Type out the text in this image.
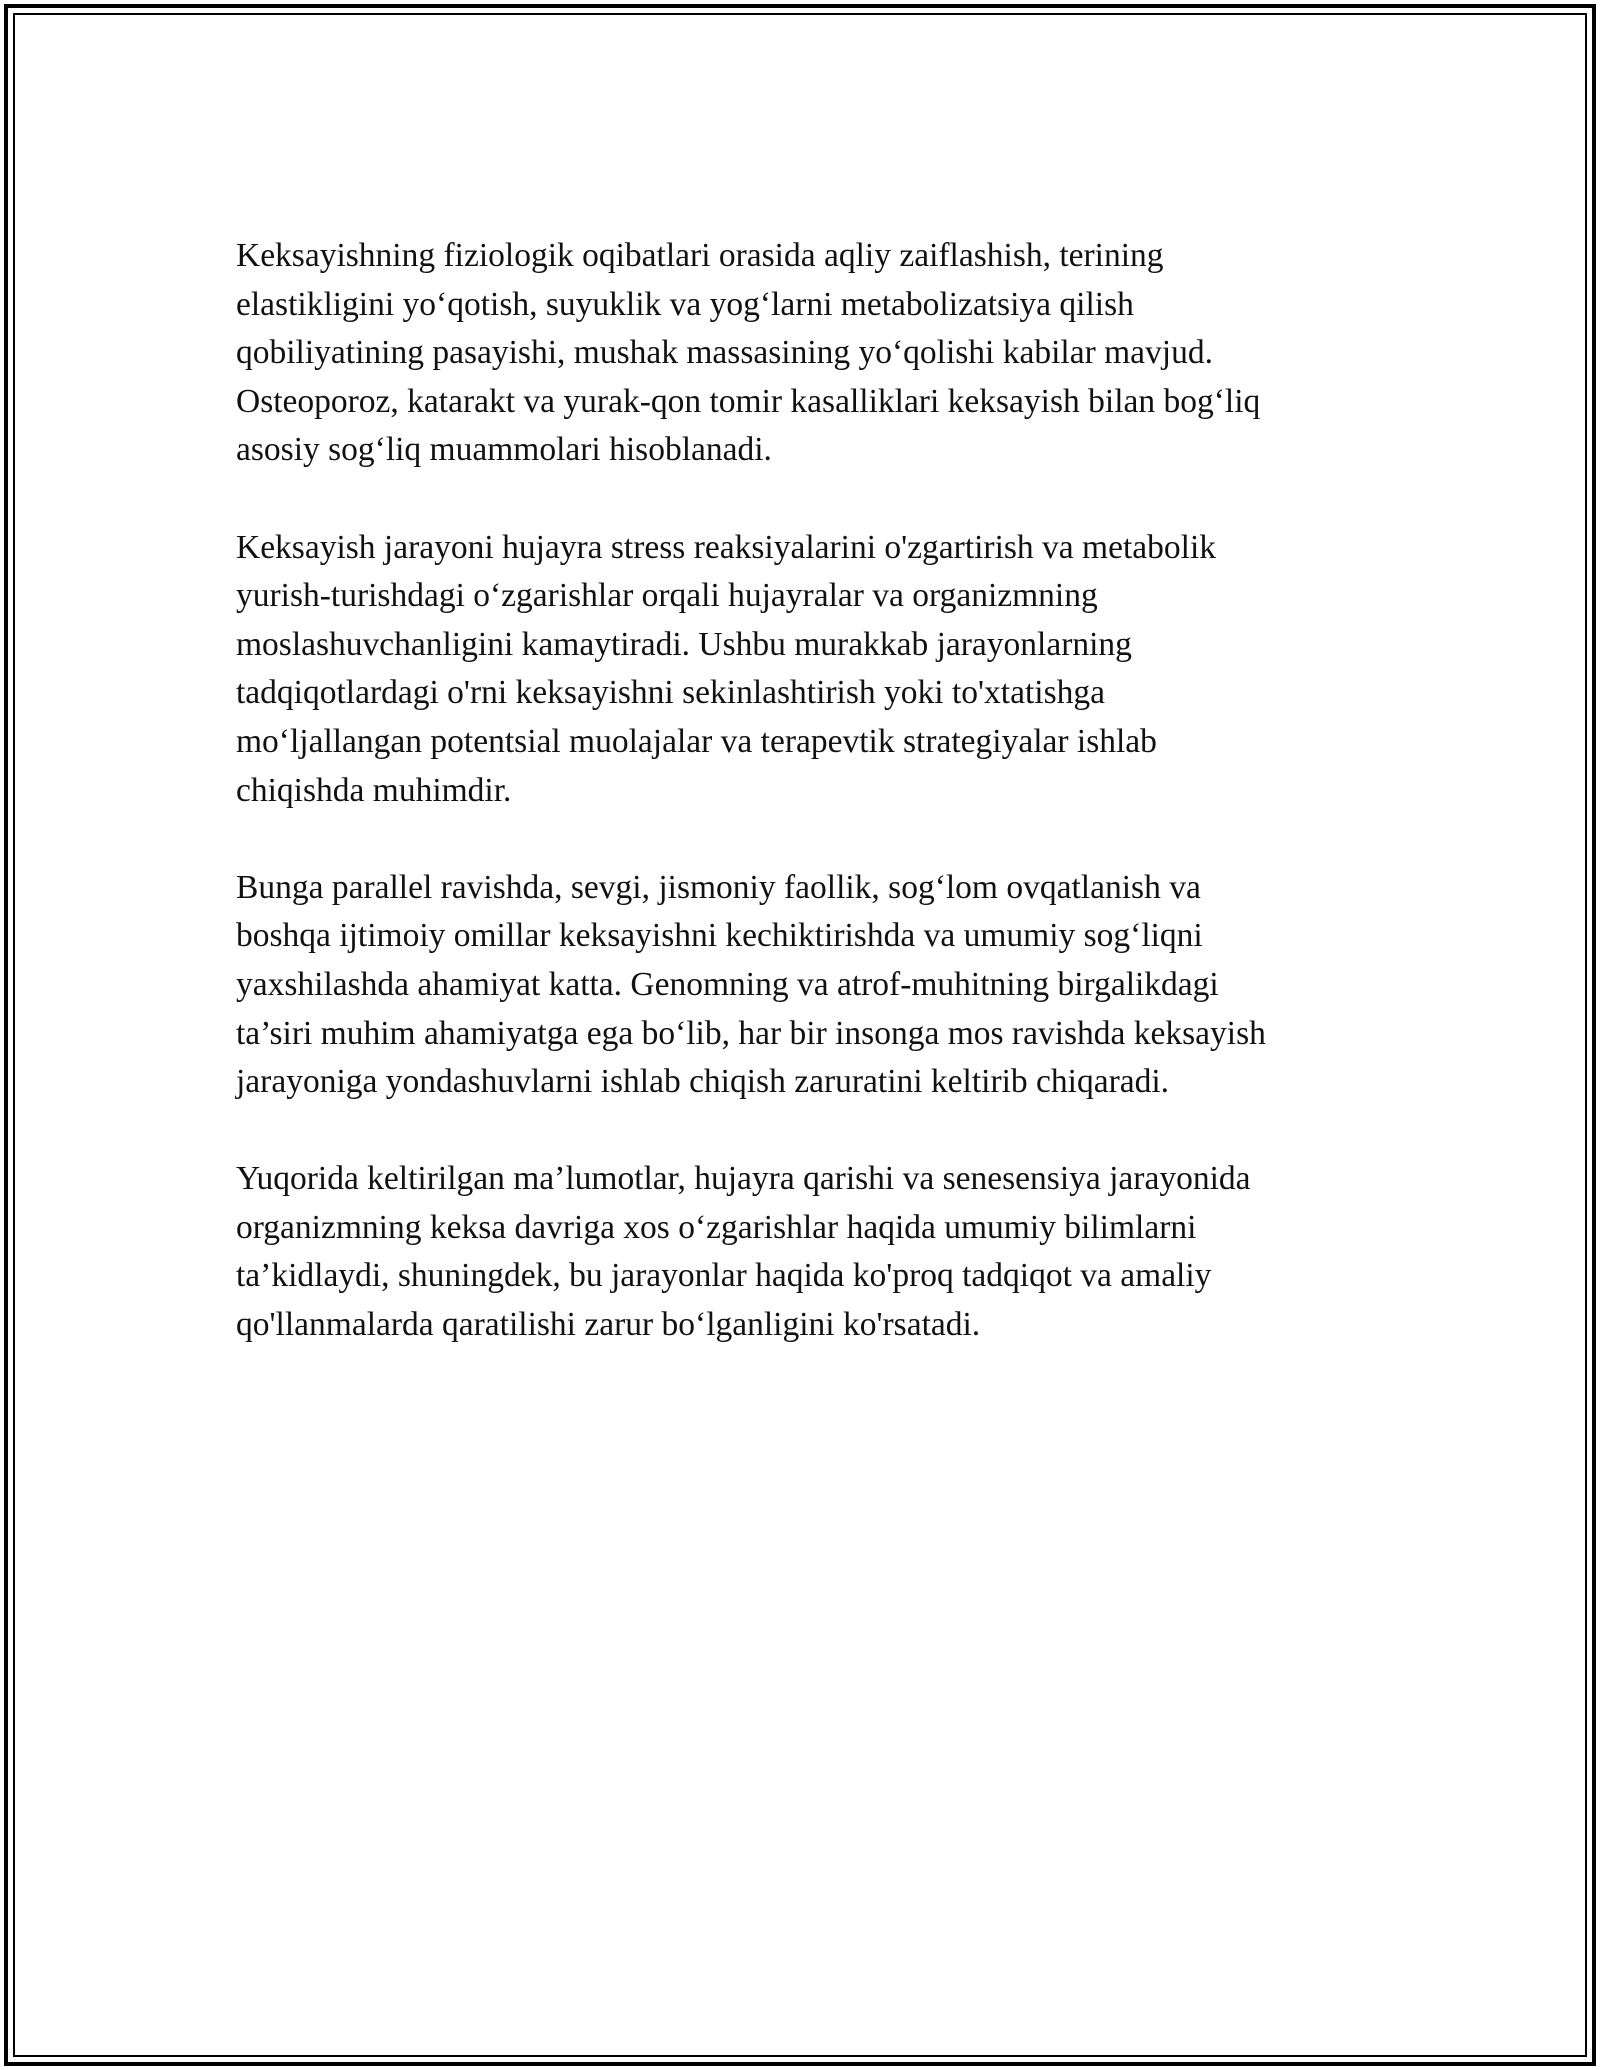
Keksayishning fiziologik oqibatlari orasida aqliy zaiflashish, terining
elastikligini yo‘qotish, suyuklik va yog‘larni metabolizatsiya qilish
qobiliyatining pasayishi, mushak massasining yo‘qolishi kabilar mavjud.
Osteoporoz, katarakt va yurak-qon tomir kasalliklari keksayish bilan bog‘liq
asosiy sog‘liq muammolari hisoblanadi.

Keksayish jarayoni hujayra stress reaksiyalarini o'zgartirish va metabolik
yurish-turishdagi o‘zgarishlar orqali hujayralar va organizmning
moslashuvchanligini kamaytiradi. Ushbu murakkab jarayonlarning
tadqiqotlardagi o'rni keksayishni sekinlashtirish yoki to'xtatishga
mo‘ljallangan potentsial muolajalar va terapevtik strategiyalar ishlab
chiqishda muhimdir.

Bunga parallel ravishda, sevgi, jismoniy faollik, sog‘lom ovqatlanish va
boshqa ijtimoiy omillar keksayishni kechiktirishda va umumiy sog‘liqni
yaxshilashda ahamiyat katta. Genomning va atrof-muhitning birgalikdagi
ta’siri muhim ahamiyatga ega bo‘lib, har bir insonga mos ravishda keksayish
jarayoniga yondashuvlarni ishlab chiqish zaruratini keltirib chiqaradi.

Yuqorida keltirilgan ma’lumotlar, hujayra qarishi va senesensiya jarayonida
organizmning keksa davriga xos o‘zgarishlar haqida umumiy bilimlarni
ta’kidlaydi, shuningdek, bu jarayonlar haqida ko'proq tadqiqot va amaliy
qo'llanmalarda qaratilishi zarur bo‘lganligini ko'rsatadi.
